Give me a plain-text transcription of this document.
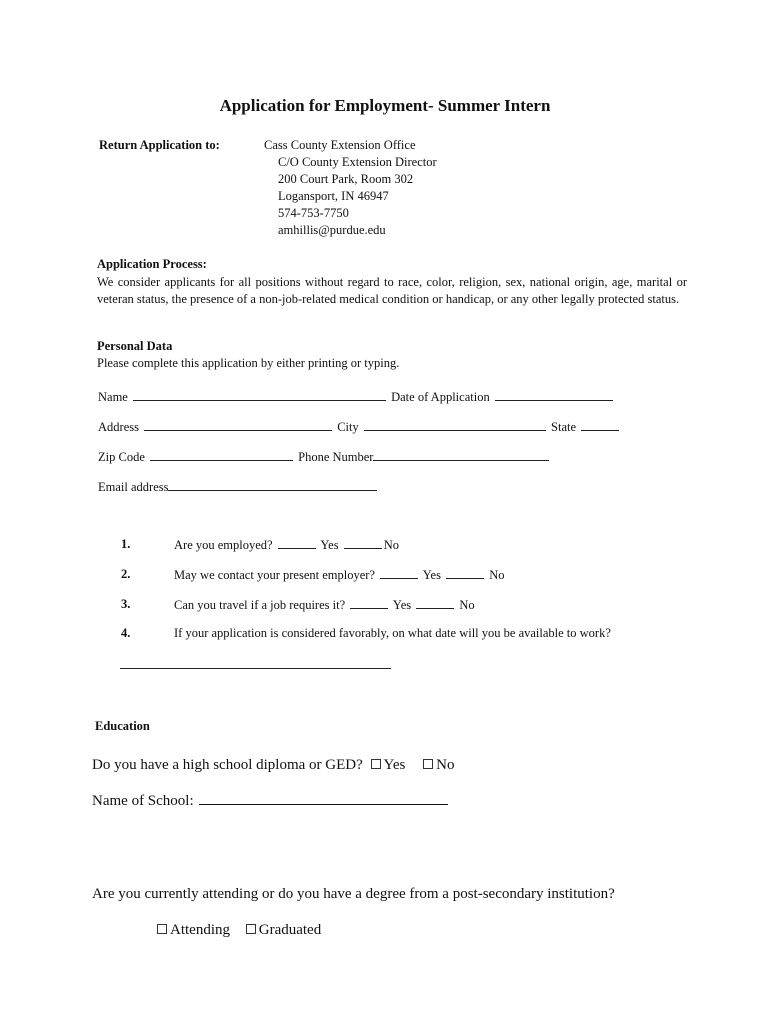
Application for Employment- Summer Intern
Return Application to:	Cass County Extension Office
C/O County Extension Director
200 Court Park, Room 302
Logansport, IN 46947
574-753-7750
amhillis@purdue.edu
Application Process:
We consider applicants for all positions without regard to race, color, religion, sex, national origin, age, marital or veteran status, the presence of a non-job-related medical condition or handicap, or any other legally protected status.
Personal Data
Please complete this application by either printing or typing.
Name	Date of Application
Address	City	State
Zip Code	Phone Number
Email address
1.	Are you employed?	Yes	No
2.	May we contact your present employer?	Yes	No
3.	Can you travel if a job requires it?	Yes	No
4.	If your application is considered favorably, on what date will you be available to work?
Education
Do you have a high school diploma or GED? Yes No
Name of School:
Are you currently attending or do you have a degree from a post-secondary institution?
Attending Graduated
